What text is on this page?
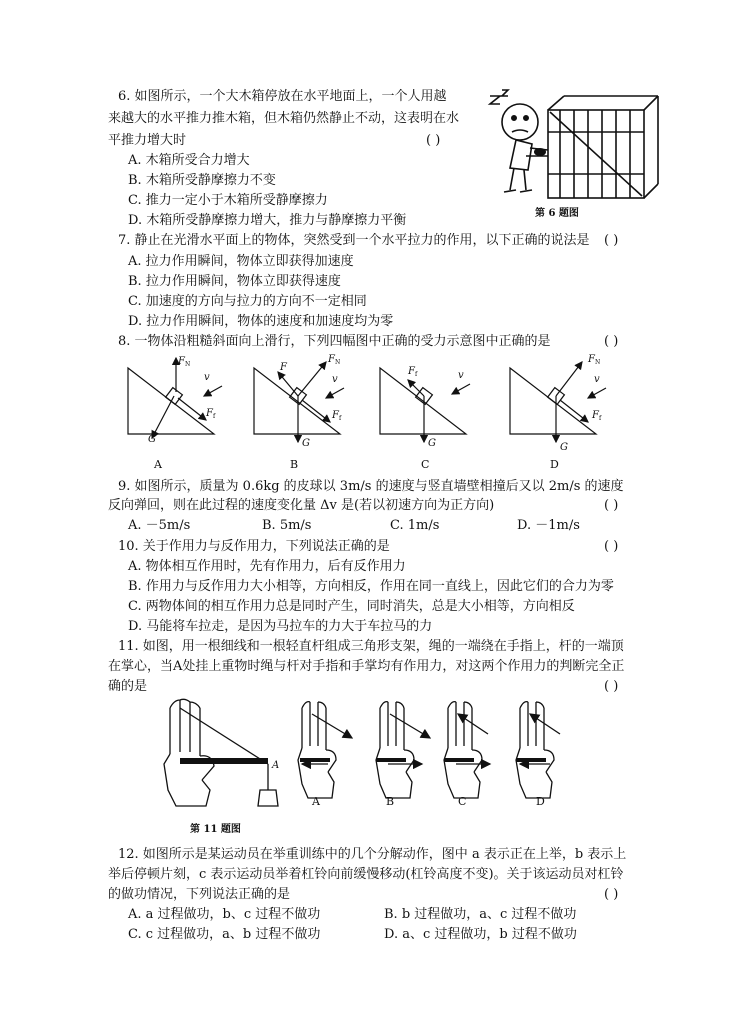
6. 如图所示，一个大木箱停放在水平地面上，一个人用越
来越大的水平推力推木箱，但木箱仍然静止不动，这表明在水
平推力增大时	( )
A. 木箱所受合力增大
B. 木箱所受静摩擦力不变
C. 推力一定小于木箱所受静摩擦力
D. 木箱所受静摩擦力增大，推力与静摩擦力平衡	第 6 题图
7. 静止在光滑水平面上的物体，突然受到一个水平拉力的作用，以下正确的说法是 ( )
A. 拉力作用瞬间，物体立即获得加速度
B. 拉力作用瞬间，物体立即获得速度
C. 加速度的方向与拉力的方向不一定相同
D. 拉力作用瞬间，物体的速度和加速度均为零
8. 一物体沿粗糙斜面向上滑行，下列四幅图中正确的受力示意图中正确的是	( )
F N
v
F f
G
F
F N
v
F f
G
F f	v
G
F N
v
F f
G
A	B	C	D
9. 如图所示，质量为 0.6kg 的皮球以 3m/s 的速度与竖直墙壁相撞后又以 2m/s 的速度
反向弹回，则在此过程的速度变化量 Δv 是(若以初速方向为正方向)	( )
A. －5m/s	B. 5m/s	C. 1m/s	D. －1m/s
10. 关于作用力与反作用力，下列说法正确的是	( )
A. 物体相互作用时，先有作用力，后有反作用力
B. 作用力与反作用力大小相等，方向相反，作用在同一直线上，因此它们的合力为零
C. 两物体间的相互作用力总是同时产生，同时消失，总是大小相等，方向相反
D. 马能将车拉走，是因为马拉车的力大于车拉马的力
11. 如图，用一根细线和一根轻直杆组成三角形支架，绳的一端绕在手指上，杆的一端顶
在掌心，当A处挂上重物时绳与杆对手指和手掌均有作用力，对这两个作用力的判断完全正
确的是	( )
A
A	B	C	D
第 11 题图
12. 如图所示是某运动员在举重训练中的几个分解动作，图中 a 表示正在上举，b 表示上
举后停顿片刻，c 表示运动员举着杠铃向前缓慢移动(杠铃高度不变)。关于该运动员对杠铃
的做功情况，下列说法正确的是	( )
A. a 过程做功，b、c 过程不做功	B. b 过程做功，a、c 过程不做功
C. c 过程做功，a、b 过程不做功	D. a、c 过程做功，b 过程不做功
